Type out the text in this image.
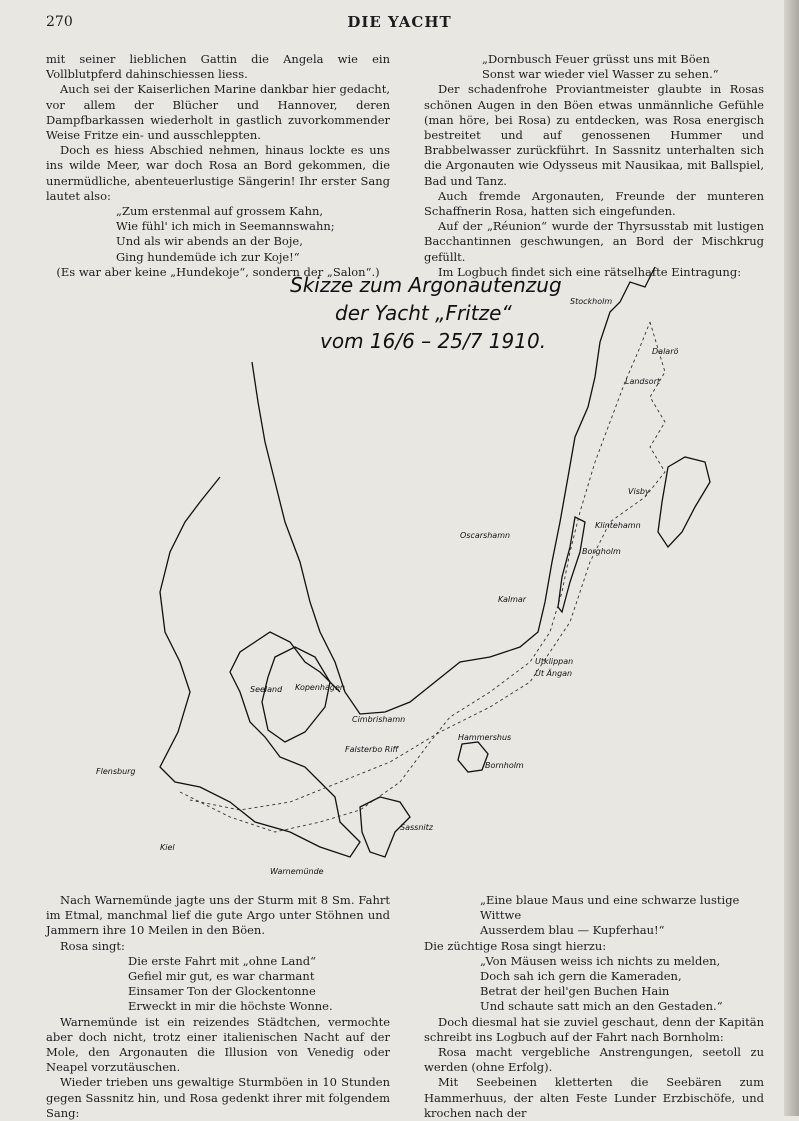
270	DIE YACHT

mit seiner lieblichen Gattin die Angela wie ein Vollblutpferd dahinschiessen liess.

Auch sei der Kaiserlichen Marine dankbar hier gedacht, vor allem der Blücher und Hannover, deren Dampfbarkassen wiederholt in gastlich zuvorkommender Weise Fritze ein- und ausschleppten.

Doch es hiess Abschied nehmen, hinaus lockte es uns ins wilde Meer, war doch Rosa an Bord gekommen, die unermüdliche, abenteuerlustige Sängerin! Ihr erster Sang lautet also:

„Zum erstenmal auf grossem Kahn,

Wie fühl' ich mich in Seemannswahn;

Und als wir abends an der Boje,

Ging hundemüde ich zur Koje!“

(Es war aber keine „Hundekoje“, sondern der „Salon“.)

„Dornbusch Feuer grüsst uns mit Böen

Sonst war wieder viel Wasser zu sehen.“

Der schadenfrohe Proviantmeister glaubte in Rosas schönen Augen in den Böen etwas unmännliche Gefühle (man höre, bei Rosa) zu entdecken, was Rosa energisch bestreitet und auf genossenen Hummer und Brabbelwasser zurückführt. In Sassnitz unterhalten sich die Argonauten wie Odysseus mit Nausikaa, mit Ballspiel, Bad und Tanz.

Auch fremde Argonauten, Freunde der munteren Schaffnerin Rosa, hatten sich eingefunden.

Auf der „Réunion“ wurde der Thyrsusstab mit lustigen Bacchantinnen geschwungen, an Bord der Mischkrug gefüllt.

Im Logbuch findet sich eine rätselhafte Eintragung:

Skizze zum Argonautenzug
der Yacht „Fritze“
vom 16/6 – 25/7 1910.
Stockholm
Dalarö
Landsort
Visby
Klintehamn
Oscarshamn
Borgholm
Kalmar
Utklippan
Ut Ängan
Kopenhagen
Cimbrishamn
Falsterbo Riff
Hammershus
Bornholm
Seeland
Flensburg
Kiel
Warnemünde
Sassnitz

Nach Warnemünde jagte uns der Sturm mit 8 Sm. Fahrt im Etmal, manchmal lief die gute Argo unter Stöhnen und Jammern ihre 10 Meilen in den Böen.

Rosa singt:

Die erste Fahrt mit „ohne Land“

Gefiel mir gut, es war charmant

Einsamer Ton der Glockentonne

Erweckt in mir die höchste Wonne.

Warnemünde ist ein reizendes Städtchen, vermochte aber doch nicht, trotz einer italienischen Nacht auf der Mole, den Argonauten die Illusion von Venedig oder Neapel vorzutäuschen.

Wieder trieben uns gewaltige Sturmböen in 10 Stunden gegen Sassnitz hin, und Rosa gedenkt ihrer mit folgendem Sang:

„Eine blaue Maus und eine schwarze lustige Wittwe

Ausserdem blau — Kupferhau!“

Die züchtige Rosa singt hierzu:

„Von Mäusen weiss ich nichts zu melden,

Doch sah ich gern die Kameraden,

Betrat der heil'gen Buchen Hain

Und schaute satt mich an den Gestaden.“

Doch diesmal hat sie zuviel geschaut, denn der Kapitän schreibt ins Logbuch auf der Fahrt nach Bornholm:

Rosa macht vergebliche Anstrengungen, seetoll zu werden (ohne Erfolg).

Mit Seebeinen kletterten die Seebären zum Hammerhuus, der alten Feste Lunder Erzbischöfe, und krochen nach der
